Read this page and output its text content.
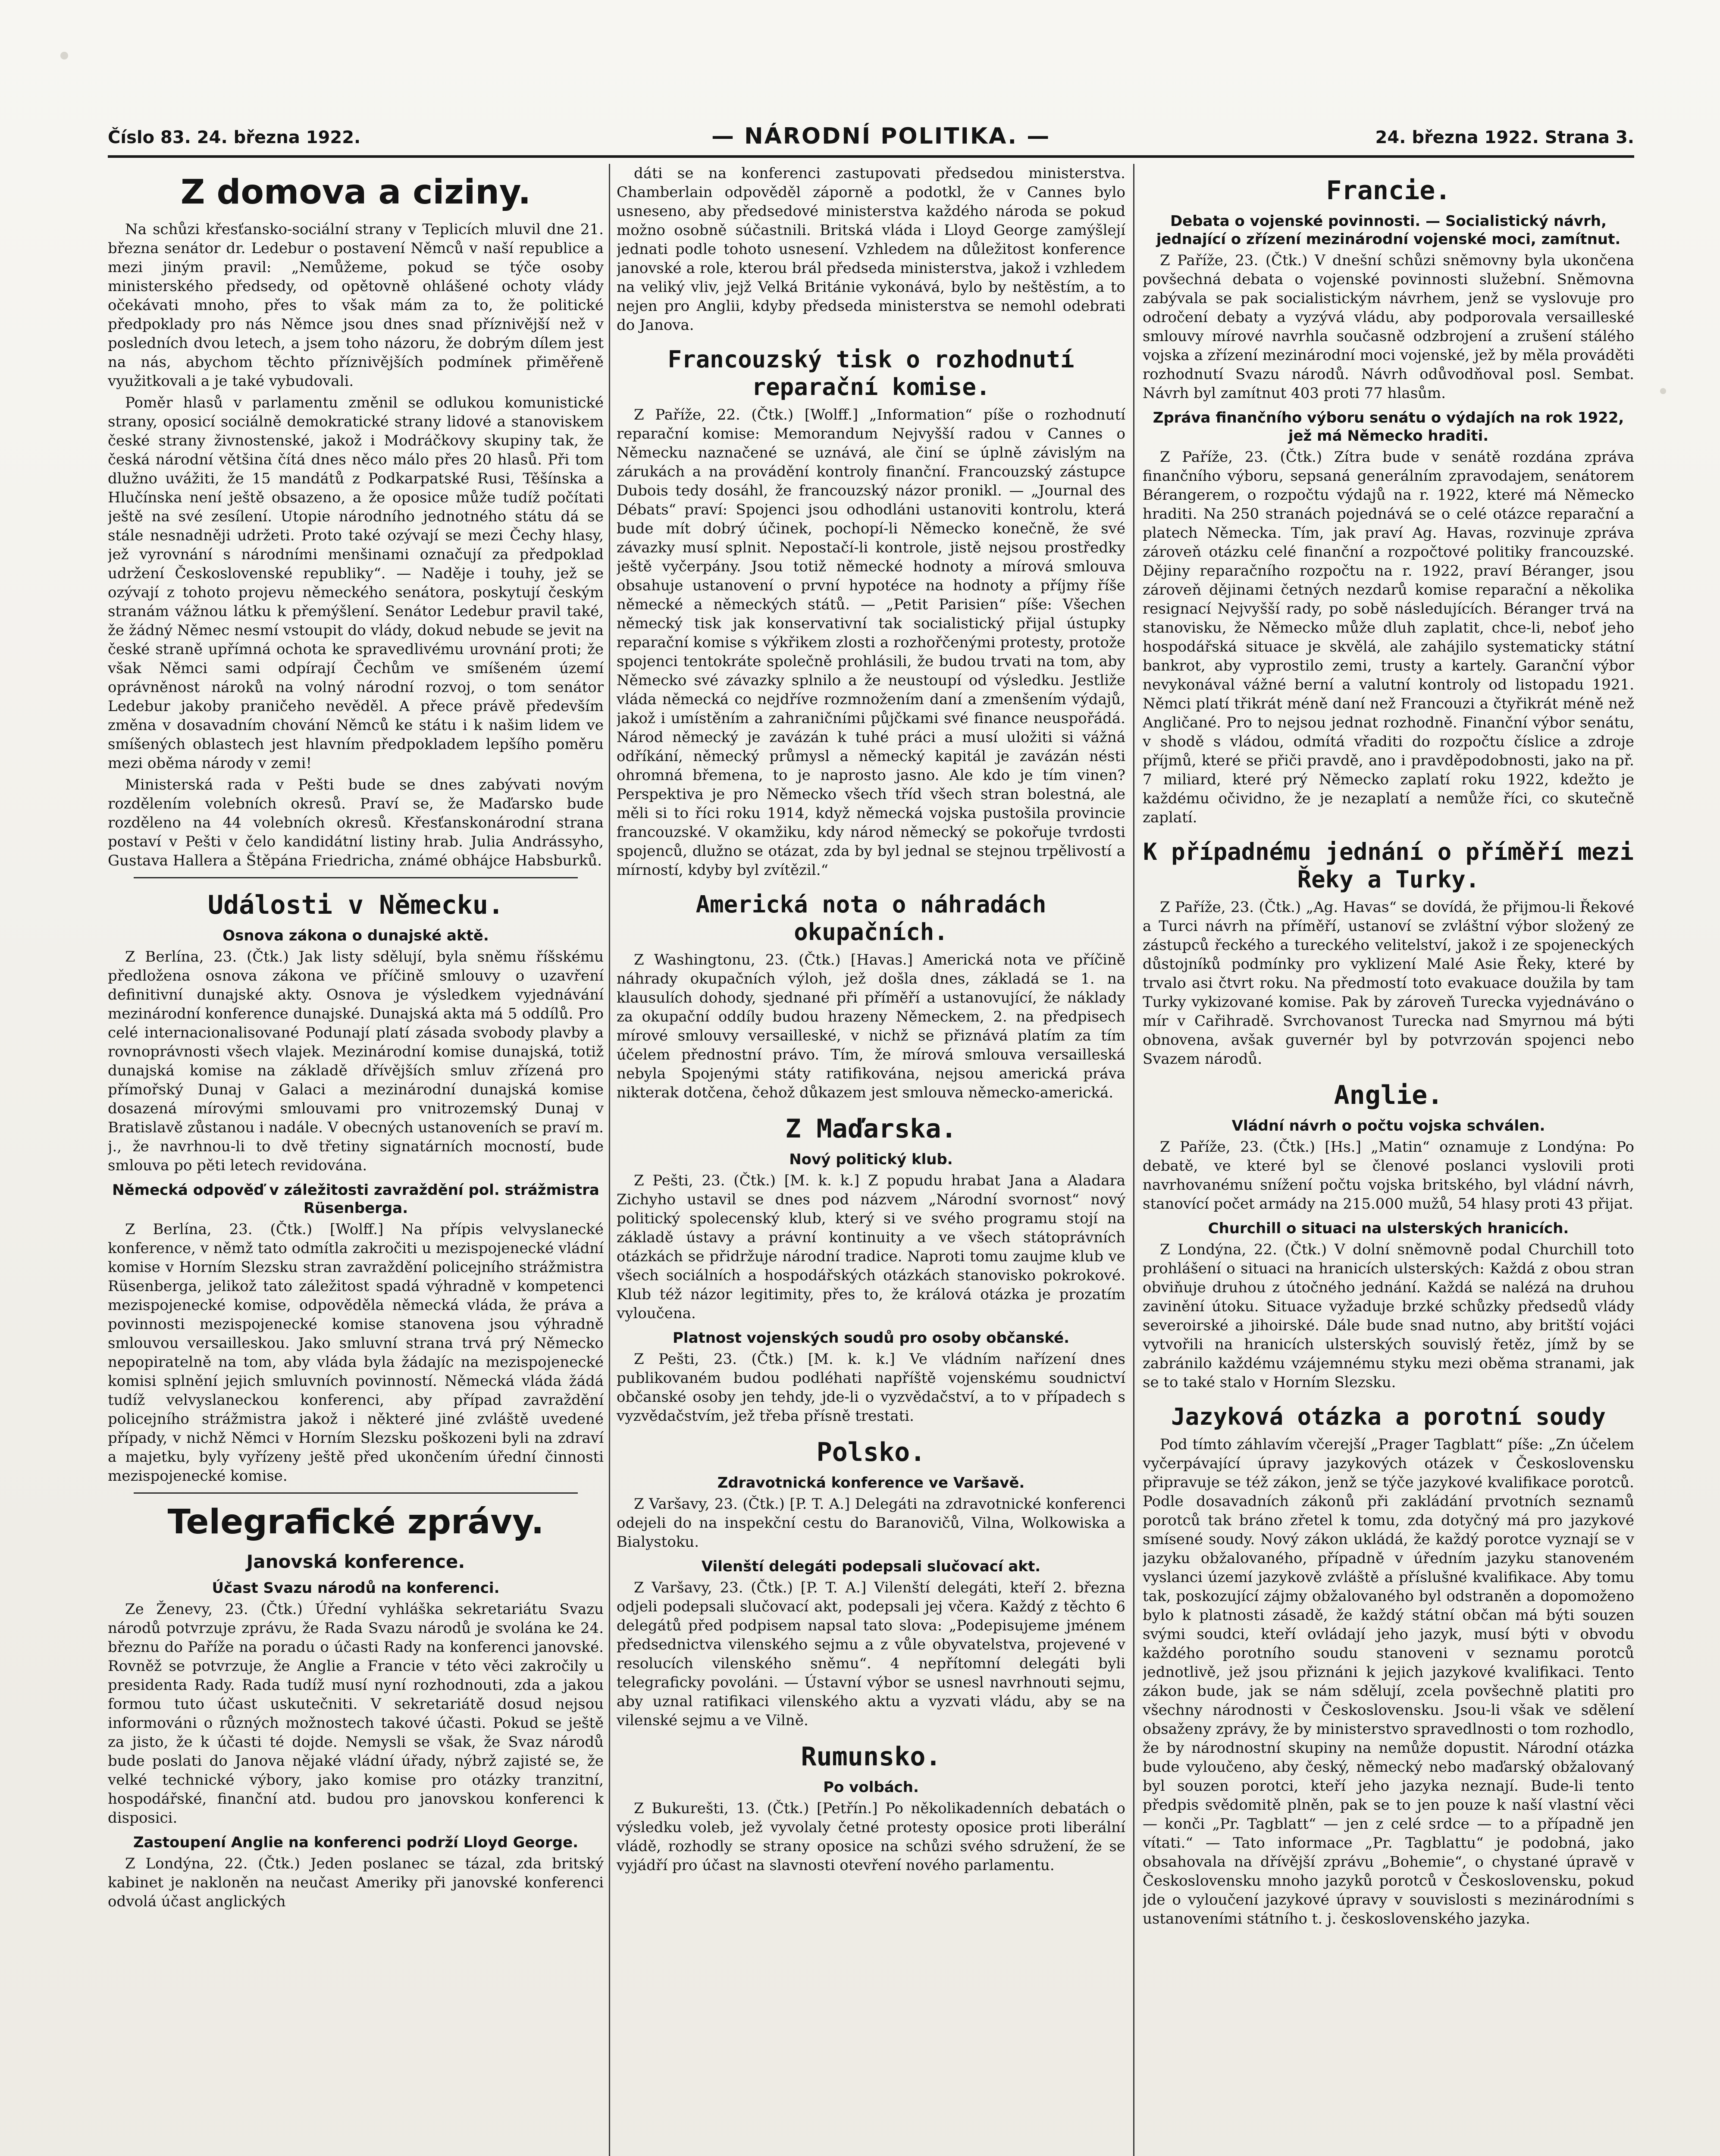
Číslo 83. 24. března 1922.	— NÁRODNÍ POLITIKA. —	24. března 1922. Strana 3.
Z domova a ciziny.

Na schůzi křesťansko-sociální strany v Teplicích mluvil dne 21. března senátor dr. Ledebur o postavení Němců v naší republice a mezi jiným pravil: „Nemůžeme, pokud se týče osoby ministerského předsedy, od opětovně ohlášené ochoty vlády očekávati mnoho, přes to však mám za to, že politické předpoklady pro nás Němce jsou dnes snad příznivější než v posledních dvou letech, a jsem toho názoru, že dobrým dílem jest na nás, abychom těchto příznivějších podmínek přiměřeně využitkovali a je také vybudovali.

Poměr hlasů v parlamentu změnil se odlukou komunistické strany, oposicí sociálně demokratické strany lidové a stanoviskem české strany živnostenské, jakož i Modráčkovy skupiny tak, že česká národní většina čítá dnes něco málo přes 20 hlasů. Při tom dlužno uvážiti, že 15 mandátů z Podkarpatské Rusi, Těšínska a Hlučínska není ještě obsazeno, a že oposice může tudíž počítati ještě na své zesílení. Utopie národního jednotného státu dá se stále nesnadněji udržeti. Proto také ozývají se mezi Čechy hlasy, jež vyrovnání s národními menšinami označují za předpoklad udržení Československé republiky“. — Naděje i touhy, jež se ozývají z tohoto projevu německého senátora, poskytují českým stranám vážnou látku k přemýšlení. Senátor Ledebur pravil také, že žádný Němec nesmí vstoupit do vlády, dokud nebude se jevit na české straně upřímná ochota ke spravedlivému urovnání proti; že však Němci sami odpírají Čechům ve smíšeném území oprávněnost nároků na volný národní rozvoj, o tom senátor Ledebur jakoby praničeho nevěděl. A přece právě především změna v dosavadním chování Němců ke státu i k našim lidem ve smíšených oblastech jest hlavním předpokladem lepšího poměru mezi oběma národy v zemi!

Ministerská rada v Pešti bude se dnes zabývati novým rozdělením volebních okresů. Praví se, že Maďarsko bude rozděleno na 44 volebních okresů. Křesťanskonárodní strana postaví v Pešti v čelo kandidátní listiny hrab. Julia Andrássyho, Gustava Hallera a Štěpána Friedricha, známé obhájce Habsburků.

Události v Německu.
Osnova zákona o dunajské aktě.

Z Berlína, 23. (Čtk.) Jak listy sdělují, byla sněmu říšskému předložena osnova zákona ve příčině smlouvy o uzavření definitivní dunajské akty. Osnova je výsledkem vyjednávání mezinárodní konference dunajské. Dunajská akta má 5 oddílů. Pro celé internacionalisované Podunají platí zásada svobody plavby a rovnoprávnosti všech vlajek. Mezinárodní komise dunajská, totiž dunajská komise na základě dřívějších smluv zřízená pro přímořský Dunaj v Galaci a mezinárodní dunajská komise dosazená mírovými smlouvami pro vnitrozemský Dunaj v Bratislavě zůstanou i nadále. V obecných ustanoveních se praví m. j., že navrhnou-li to dvě třetiny signatárních mocností, bude smlouva po pěti letech revidována.

Německá odpověď v záležitosti zavraždění pol. strážmistra Rüsenberga.

Z Berlína, 23. (Čtk.) [Wolff.] Na přípis velvyslanecké konference, v němž tato odmítla zakročiti u mezispojenecké vládní komise v Horním Slezsku stran zavraždění policejního strážmistra Rüsenberga, jelikož tato záležitost spadá výhradně v kompetenci mezispojenecké komise, odpověděla německá vláda, že práva a povinnosti mezispojenecké komise stanovena jsou výhradně smlouvou versailleskou. Jako smluvní strana trvá prý Německo nepopiratelně na tom, aby vláda byla žádajíc na mezispojenecké komisi splnění jejich smluvních povinností. Německá vláda žádá tudíž velvyslaneckou konferenci, aby případ zavraždění policejního strážmistra jakož i některé jiné zvláště uvedené případy, v nichž Němci v Horním Slezsku poškozeni byli na zdraví a majetku, byly vyřízeny ještě před ukončením úřední činnosti mezispojenecké komise.

Telegrafické zprávy.
Janovská konference.
Účast Svazu národů na konferenci.

Ze Ženevy, 23. (Čtk.) Úřední vyhláška sekretariátu Svazu národů potvrzuje zprávu, že Rada Svazu národů je svolána ke 24. březnu do Paříže na poradu o účasti Rady na konferenci janovské. Rovněž se potvrzuje, že Anglie a Francie v této věci zakročily u presidenta Rady. Rada tudíž musí nyní rozhodnouti, zda a jakou formou tuto účast uskutečniti. V sekretariátě dosud nejsou informováni o různých možnostech takové účasti. Pokud se ještě za jisto, že k účasti té dojde. Nemysli se však, že Svaz národů bude poslati do Janova nějaké vládní úřady, nýbrž zajisté se, že velké technické výbory, jako komise pro otázky tranzitní, hospodářské, finanční atd. budou pro janovskou konferenci k disposici.

Zastoupení Anglie na konferenci podrží Lloyd George.

Z Londýna, 22. (Čtk.) Jeden poslanec se tázal, zda britský kabinet je nakloněn na neučast Ameriky při janovské konferenci odvolá účast anglických

dáti se na konferenci zastupovati předsedou ministerstva. Chamberlain odpověděl záporně a podotkl, že v Cannes bylo usneseno, aby předsedové ministerstva každého národa se pokud možno osobně súčastnili. Britská vláda i Lloyd George zamýšlejí jednati podle tohoto usnesení. Vzhledem na důležitost konference janovské a role, kterou brál předseda ministerstva, jakož i vzhledem na veliký vliv, jejž Velká Británie vykonává, bylo by neštěstím, a to nejen pro Anglii, kdyby předseda ministerstva se nemohl odebrati do Janova.

Francouzský tisk o rozhodnutí reparační komise.

Z Paříže, 22. (Čtk.) [Wolff.] „Information“ píše o rozhodnutí reparační komise: Memorandum Nejvyšší radou v Cannes o Německu naznačené se uznává, ale činí se úplně závislým na zárukách a na provádění kontroly finanční. Francouzský zástupce Dubois tedy dosáhl, že francouzský názor pronikl. — „Journal des Débats“ praví: Spojenci jsou odhodláni ustanoviti kontrolu, která bude mít dobrý účinek, pochopí-li Německo konečně, že své závazky musí splnit. Nepostačí-li kontrole, jistě nejsou prostředky ještě vyčerpány. Jsou totiž německé hodnoty a mírová smlouva obsahuje ustanovení o první hypotéce na hodnoty a příjmy říše německé a německých států. — „Petit Parisien“ píše: Všechen německý tisk jak konservativní tak socialistický přijal ústupky reparační komise s výkřikem zlosti a rozhořčenými protesty, protože spojenci tentokráte společně prohlásili, že budou trvati na tom, aby Německo své závazky splnilo a že neustoupí od výsledku. Jestliže vláda německá co nejdříve rozmnožením daní a zmenšením výdajů, jakož i umístěním a zahraničními půjčkami své finance neuspořádá. Národ německý je zavázán k tuhé práci a musí uložiti si vážná odříkání, německý průmysl a německý kapitál je zavázán nésti ohromná břemena, to je naprosto jasno. Ale kdo je tím vinen? Perspektiva je pro Německo všech tříd všech stran bolestná, ale měli si to říci roku 1914, když německá vojska pustošila provincie francouzské. V okamžiku, kdy národ německý se pokořuje tvrdosti spojenců, dlužno se otázat, zda by byl jednal se stejnou trpělivostí a mírností, kdyby byl zvítězil.“

Americká nota o náhradách okupačních.

Z Washingtonu, 23. (Čtk.) [Havas.] Americká nota ve příčině náhrady okupačních výloh, jež došla dnes, základá se 1. na klausulích dohody, sjednané při příměří a ustanovující, že náklady za okupační oddíly budou hrazeny Německem, 2. na předpisech mírové smlouvy versailleské, v nichž se přiznává platím za tím účelem přednostní právo. Tím, že mírová smlouva versailleská nebyla Spojenými státy ratifikována, nejsou americká práva nikterak dotčena, čehož důkazem jest smlouva německo-americká.

Z Maďarska.
Nový politický klub.

Z Pešti, 23. (Čtk.) [M. k. k.] Z popudu hrabat Jana a Aladara Zichyho ustavil se dnes pod názvem „Národní svornost“ nový politický spolecenský klub, který si ve svého programu stojí na základě ústavy a právní kontinuity a ve všech státoprávních otázkách se přidržuje národní tradice. Naproti tomu zaujme klub ve všech sociálních a hospodářských otázkách stanovisko pokrokové. Klub též názor legitimity, přes to, že králová otázka je prozatím vyloučena.

Platnost vojenských soudů pro osoby občanské.

Z Pešti, 23. (Čtk.) [M. k. k.] Ve vládním nařízení dnes publikovaném budou podléhati napříště vojenskému soudnictví občanské osoby jen tehdy, jde-li o vyzvědačství, a to v případech s vyzvědačstvím, jež třeba přísně trestati.

Polsko.
Zdravotnická konference ve Varšavě.

Z Varšavy, 23. (Čtk.) [P. T. A.] Delegáti na zdravotnické konferenci odejeli do na inspekční cestu do Baranovičů, Vilna, Wolkowiska a Bialystoku.

Vilenští delegáti podepsali slučovací akt.

Z Varšavy, 23. (Čtk.) [P. T. A.] Vilenští delegáti, kteří 2. března odjeli podepsali slučovací akt, podepsali jej včera. Každý z těchto 6 delegátů před podpisem napsal tato slova: „Podepisujeme jménem předsednictva vilenského sejmu a z vůle obyvatelstva, projevené v resolucích vilenského sněmu“. 4 nepřítomní delegáti byli telegraficky povoláni. — Ústavní výbor se usnesl navrhnouti sejmu, aby uznal ratifikaci vilenského aktu a vyzvati vládu, aby se na vilenské sejmu a ve Vilně.

Rumunsko.
Po volbách.

Z Bukurešti, 13. (Čtk.) [Petřín.] Po několikadenních debatách o výsledku voleb, jež vyvolaly četné protesty oposice proti liberální vládě, rozhodly se strany oposice na schůzi svého sdružení, že se vyjádří pro účast na slavnosti otevření nového parlamentu.

Francie.
Debata o vojenské povinnosti. — Socialistický návrh, jednající o zřízení mezinárodní vojenské moci, zamítnut.

Z Paříže, 23. (Čtk.) V dnešní schůzi sněmovny byla ukončena povšechná debata o vojenské povinnosti služební. Sněmovna zabývala se pak socialistickým návrhem, jenž se vyslovuje pro odročení debaty a vyzývá vládu, aby podporovala versailleské smlouvy mírové navrhla současně odzbrojení a zrušení stálého vojska a zřízení mezinárodní moci vojenské, jež by měla prováděti rozhodnutí Svazu národů. Návrh odůvodňoval posl. Sembat. Návrh byl zamítnut 403 proti 77 hlasům.

Zpráva finančního výboru senátu o výdajích na rok 1922, jež má Německo hraditi.

Z Paříže, 23. (Čtk.) Zítra bude v senátě rozdána zpráva finančního výboru, sepsaná generálním zpravodajem, senátorem Bérangerem, o rozpočtu výdajů na r. 1922, které má Německo hraditi. Na 250 stranách pojednává se o celé otázce reparační a platech Německa. Tím, jak praví Ag. Havas, rozvinuje zpráva zároveň otázku celé finanční a rozpočtové politiky francouzské. Dějiny reparačního rozpočtu na r. 1922, praví Béranger, jsou zároveň dějinami četných nezdarů komise reparační a několika resignací Nejvyšší rady, po sobě následujících. Béranger trvá na stanovisku, že Německo může dluh zaplatit, chce-li, neboť jeho hospodářská situace je skvělá, ale zahájilo systematicky státní bankrot, aby vyprostilo zemi, trusty a kartely. Garanční výbor nevykonával vážné berní a valutní kontroly od listopadu 1921. Němci platí třikrát méně daní než Francouzi a čtyřikrát méně než Angličané. Pro to nejsou jednat rozhodně. Finanční výbor senátu, v shodě s vládou, odmítá vřaditi do rozpočtu číslice a zdroje příjmů, které se přiči pravdě, ano i pravděpodobnosti, jako na př. 7 miliard, které prý Německo zaplatí roku 1922, kdežto je každému očividno, že je nezaplatí a nemůže říci, co skutečně zaplatí.

K případnému jednání o příměří mezi Řeky a Turky.

Z Paříže, 23. (Čtk.) „Ag. Havas“ se dovídá, že přijmou-li Řekové a Turci návrh na příměří, ustanoví se zvláštní výbor složený ze zástupců řeckého a tureckého velitelství, jakož i ze spojeneckých důstojníků podmínky pro vyklizení Malé Asie Řeky, které by trvalo asi čtvrt roku. Na předmostí toto evakuace doužila by tam Turky vykizované komise. Pak by zároveň Turecka vyjednáváno o mír v Cařihradě. Svrchovanost Turecka nad Smyrnou má býti obnovena, avšak guvernér byl by potvrzován spojenci nebo Svazem národů.

Anglie.
Vládní návrh o počtu vojska schválen.

Z Paříže, 23. (Čtk.) [Hs.] „Matin“ oznamuje z Londýna: Po debatě, ve které byl se členové poslanci vyslovili proti navrhovanému snížení počtu vojska britského, byl vládní návrh, stanovící počet armády na 215.000 mužů, 54 hlasy proti 43 přijat.

Churchill o situaci na ulsterských hranicích.

Z Londýna, 22. (Čtk.) V dolní sněmovně podal Churchill toto prohlášení o situaci na hranicích ulsterských: Každá z obou stran obviňuje druhou z útočného jednání. Každá se nalézá na druhou zavinění útoku. Situace vyžaduje brzké schůzky předsedů vlády severoirské a jihoirské. Dále bude snad nutno, aby britští vojáci vytvořili na hranicích ulsterských souvislý řetěz, jímž by se zabránilo každému vzájemnému styku mezi oběma stranami, jak se to také stalo v Horním Slezsku.

Jazyková otázka a porotní soudy

Pod tímto záhlavím včerejší „Prager Tagblatt“ píše: „Zn účelem vyčerpávající úpravy jazykových otázek v Československu připravuje se též zákon, jenž se týče jazykové kvalifikace porotců. Podle dosavadních zákonů při zakládání prvotních seznamů porotců tak bráno zřetel k tomu, zda dotyčný má pro jazykové smísené soudy. Nový zákon ukládá, že každý porotce vyznají se v jazyku obžalovaného, případně v úředním jazyku stanoveném vyslanci území jazykově zvláště a příslušné kvalifikace. Aby tomu tak, poskozující zájmy obžalovaného byl odstraněn a dopomoženo bylo k platnosti zásadě, že každý státní občan má býti souzen svými soudci, kteří ovládají jeho jazyk, musí býti v obvodu každého porotního soudu stanoveni v seznamu porotců jednotlivě, jež jsou přiznáni k jejich jazykové kvalifikaci. Tento zákon bude, jak se nám sdělují, zcela povšechně platiti pro všechny národnosti v Československu. Jsou-li však ve sdělení obsaženy zprávy, že by ministerstvo spravedlnosti o tom rozhodlo, že by národnostní skupiny na nemůže dopustit. Národní otázka bude vyloučeno, aby český, německý nebo maďarský obžalovaný byl souzen porotci, kteří jeho jazyka neznají. Bude-li tento předpis svědomitě plněn, pak se to jen pouze k naší vlastní věci — konči „Pr. Tagblatt“ — jen z celé srdce — to a případně jen vítati.“ — Tato informace „Pr. Tagblattu“ je podobná, jako obsahovala na dřívější zprávu „Bohemie“, o chystané úpravě v Československu mnoho jazyků porotců v Československu, pokud jde o vyloučení jazykové úpravy v souvislosti s mezinárodními s ustanoveními státního t. j. československého jazyka.
